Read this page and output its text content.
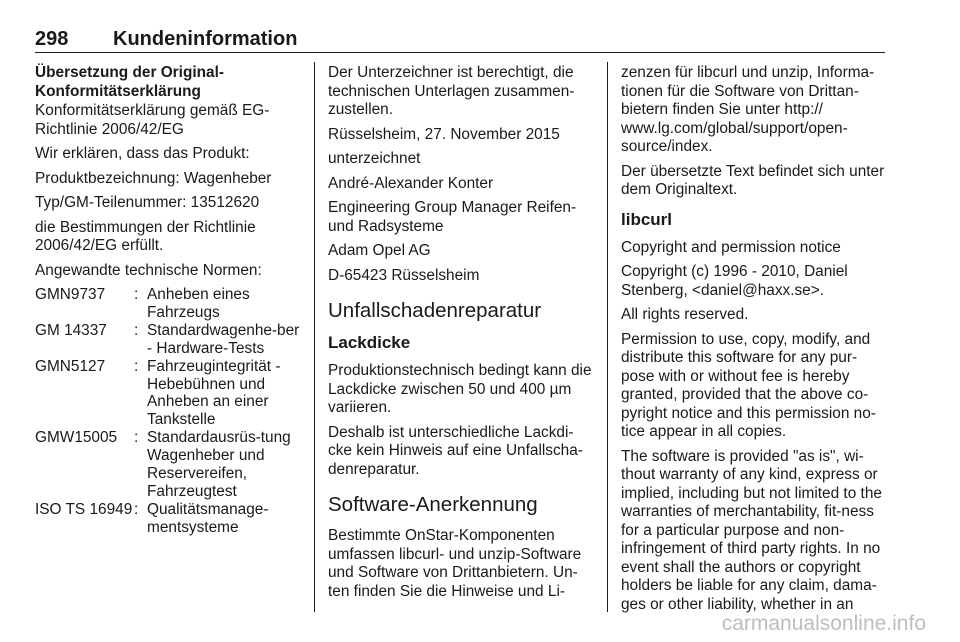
298 Kundeninformation

Übersetzung der Original-Konformitätserklärung

Konformitätserklärung gemäß EG-Richtlinie 2006/42/EG

Wir erklären, dass das Produkt:

Produktbezeichnung: Wagenheber

Typ/GM-Teilenummer: 13512620

die Bestimmungen der Richtlinie 2006/42/EG erfüllt.

Angewandte technische Normen:

GMN9737	:	Anheben eines Fahrzeugs
GM 14337	:	Standardwagenhe-ber - Hardware-Tests
GMN5127	:	Fahrzeugintegrität - Hebebühnen und Anheben an einer Tankstelle
GMW15005	:	Standardausrüs-tung Wagenheber und Reservereifen, Fahrzeugtest
ISO TS 16949	:	Qualitätsmanage-mentsysteme

Der Unterzeichner ist berechtigt, die technischen Unterlagen zusammen-zustellen.

Rüsselsheim, 27. November 2015

unterzeichnet

André-Alexander Konter

Engineering Group Manager Reifen- und Radsysteme

Adam Opel AG

D-65423 Rüsselsheim

Unfallschadenreparatur
Lackdicke

Produktionstechnisch bedingt kann die Lackdicke zwischen 50 und 400 µm variieren.

Deshalb ist unterschiedliche Lackdi-cke kein Hinweis auf eine Unfallscha-denreparatur.

Software-Anerkennung

Bestimmte OnStar-Komponenten umfassen libcurl- und unzip-Software und Software von Drittanbietern. Un-ten finden Sie die Hinweise und Li-

zenzen für libcurl und unzip, Informa-tionen für die Software von Drittan-bietern finden Sie unter http:// www.lg.com/global/support/open-source/index.

Der übersetzte Text befindet sich unter dem Originaltext.

libcurl

Copyright and permission notice

Copyright (c) 1996 - 2010, Daniel Stenberg, <daniel@haxx.se>.

All rights reserved.

Permission to use, copy, modify, and distribute this software for any pur-pose with or without fee is hereby granted, provided that the above co-pyright notice and this permission no-tice appear in all copies.

The software is provided "as is", wi-thout warranty of any kind, express or implied, including but not limited to the warranties of merchantability, fit-ness for a particular purpose and non-infringement of third party rights. In no event shall the authors or copyright holders be liable for any claim, dama-ges or other liability, whether in an

carmanualsonline.info
